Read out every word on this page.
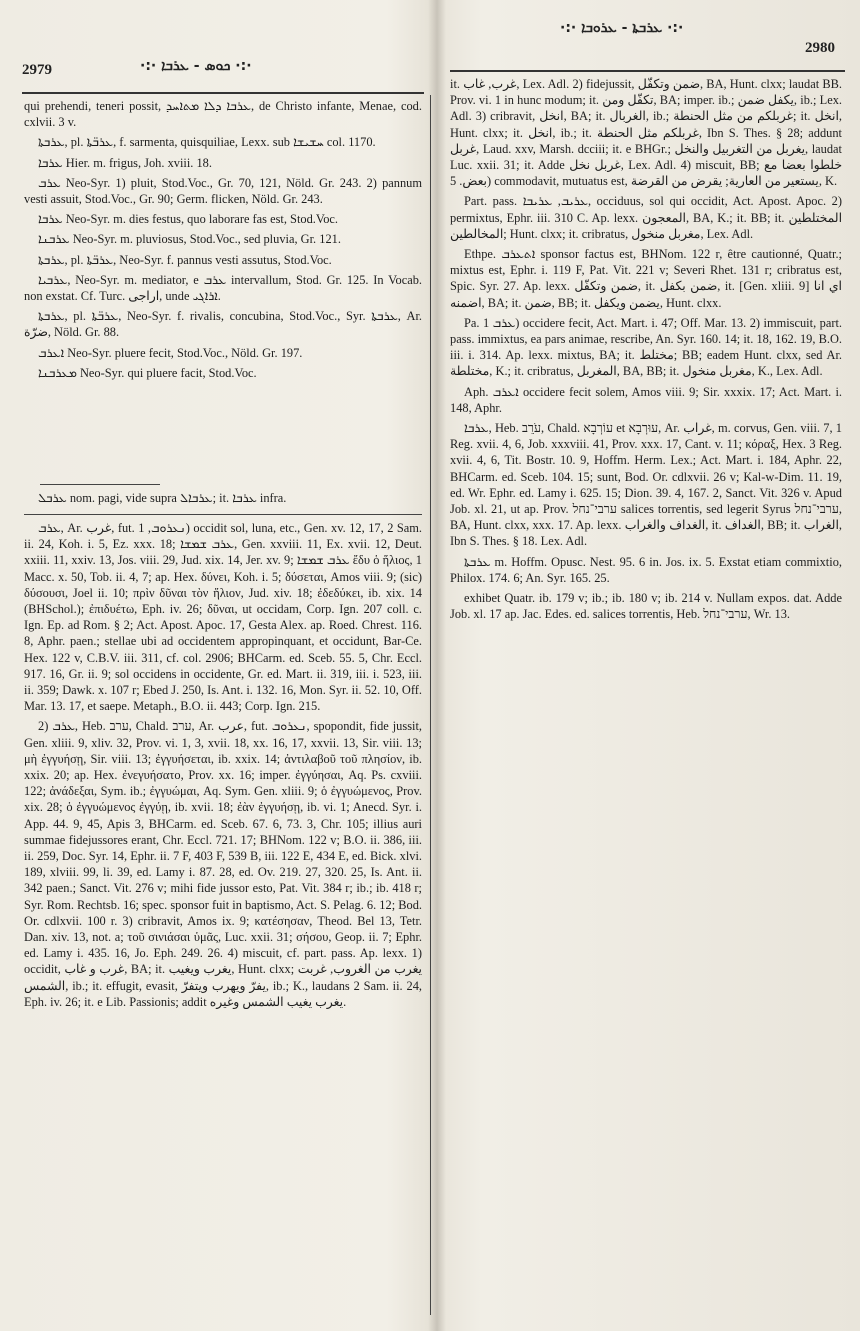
2979	·:· ܟܘܣ - ܥܪܒܐ ·:·
·:· ܥܪܒܬܐ - ܥܪܘܒܐ ·:·
2980

qui prehendi, teneri possit, ܥܪܒܐ ܕܠܐ ܡܬܐܚܕ, de Christo infante, Menae, cod. cxlvii. 3 v.

ܥܪܒܬܐ, pl. ܥܪܒ̈ܬܐ, f. sarmenta, quisquiliae, Lexx. sub ܚܫܝܫܐ col. 1170.

ܥܪܒܐ Hier. m. frigus, Joh. xviii. 18.

ܥܪܒ Neo-Syr. 1) pluit, Stod.Voc., Gr. 70, 121, Nöld. Gr. 243. 2) pannum vesti assuit, Stod.Voc., Gr. 90; Germ. flicken, Nöld. Gr. 243.

ܥܪܒܐ Neo-Syr. m. dies festus, quo laborare fas est, Stod.Voc.

ܥܪܒܢܐ Neo-Syr. m. pluviosus, Stod.Voc., sed pluvia, Gr. 121.

ܥܪܒܬܐ, pl. ܥܪܒ̈ܬܐ, Neo-Syr. f. pannus vesti assutus, Stod.Voc.

ܥܪܒܝܐ, Neo-Syr. m. mediator, e ܥܪܒ intervallum, Stod. Gr. 125. In Vocab. non exstat. Cf. Turc. اراجی, unde ܐܪܐܓܝ.

ܥܪܒܬܐ, pl. ܥܪܒ̈ܬܐ, Neo-Syr. f. rivalis, concubina, Stod.Voc., Syr. ܥܪܒܬܐ, Ar. ضرّة, Nöld. Gr. 88.

ܐܥܪܒ Neo-Syr. pluere fecit, Stod.Voc., Nöld. Gr. 197.

ܡܥܪܒܢܐ Neo-Syr. qui pluere facit, Stod.Voc.

ܥܪܒܠ nom. pagi, vide supra ܥܪܒܐܠ; it. ܥܪܒܐ infra.

ܥܪܒ, Ar. غرب, fut. ܢܥܪܘܒ, 1) occidit sol, luna, etc., Gen. xv. 12, 17, 2 Sam. ii. 24, Koh. i. 5, Ez. xxx. 18; ܥܪܒ ܫܡܫܐ, Gen. xxviii. 11, Ex. xvii. 12, Deut. xxiii. 11, xxiv. 13, Jos. viii. 29, Jud. xix. 14, Jer. xv. 9; ܥܪܒ ܫܡܫܐ ἔδυ ὁ ἥλιος, 1 Macc. x. 50, Tob. ii. 4, 7; ap. Hex. δύνει, Koh. i. 5; δύσεται, Amos viii. 9; (sic) δύσουσι, Joel ii. 10; πρὶν δῦναι τὸν ἥλιον, Jud. xiv. 18; ἐδεδύκει, ib. xix. 14 (BHSchol.); ἐπιδυέτω, Eph. iv. 26; δῦναι, ut occidam, Corp. Ign. 207 coll. c. Ign. Ep. ad Rom. § 2; Act. Apost. Apoc. 17, Gesta Alex. ap. Roed. Chrest. 116. 8, Aphr. paen.; stellae ubi ad occidentem appropinquant, et occidunt, Bar-Ce. Hex. 122 v, C.B.V. iii. 311, cf. col. 2906; BHCarm. ed. Sceb. 55. 5, Chr. Eccl. 917. 16, Gr. ii. 9; sol occidens in occidente, Gr. ed. Mart. ii. 319, iii. i. 523, iii. ii. 359; Dawk. x. 107 r; Ebed J. 250, Is. Ant. i. 132. 16, Mon. Syr. ii. 52. 10, Off. Mar. 13. 17, et saepe. Metaph., B.O. ii. 443; Corp. Ign. 215.

2) ܥܪܒ, Heb. ערב, Chald. ערב, Ar. عرب, fut. ܢܥܪܘܒ, spopondit, fide jussit, Gen. xliii. 9, xliv. 32, Prov. vi. 1, 3, xvii. 18, xx. 16, 17, xxvii. 13, Sir. viii. 13; μὴ ἐγγυήσῃ, Sir. viii. 13; ἐγγυήσεται, ib. xxix. 14; ἀντιλαβοῦ τοῦ πλησίον, ib. xxix. 20; ap. Hex. ἐνεγυήσατο, Prov. xx. 16; imper. ἐγγύησαι, Aq. Ps. cxviii. 122; ἀνάδεξαι, Sym. ib.; ἐγγυώμαι, Aq. Sym. Gen. xliii. 9; ὁ ἐγγυώμενος, Prov. xix. 28; ὁ ἐγγυώμενος ἐγγύῃ, ib. xvii. 18; ἐὰν ἐγγυήσῃ, ib. vi. 1; Anecd. Syr. i. App. 44. 9, 45, Apis 3, BHCarm. ed. Sceb. 67. 6, 73. 3, Chr. 105; illius auri summae fidejussores erant, Chr. Eccl. 721. 17; BHNom. 122 v; B.O. ii. 386, iii. ii. 259, Doc. Syr. 14, Ephr. ii. 7 F, 403 F, 539 B, iii. 122 E, 434 E, ed. Bick. xlvi. 189, xlviii. 99, li. 39, ed. Lamy i. 87. 28, ed. Ov. 219. 27, 320. 25, Is. Ant. ii. 342 paen.; Sanct. Vit. 276 v; mihi fide jussor esto, Pat. Vit. 384 r; ib.; ib. 418 r; Syr. Rom. Rechtsb. 16; spec. sponsor fuit in baptismo, Act. S. Pelag. 6. 12; Bod. Or. cdlxvii. 100 r. 3) cribravit, Amos ix. 9; κατέσησαν, Theod. Bel 13, Tetr. Dan. xiv. 13, not. a; τοῦ σινιάσαι ὑμᾶς, Luc. xxii. 31; σήσου, Geop. ii. 7; Ephr. ed. Lamy i. 435. 16, Jo. Eph. 249. 26. 4) miscuit, cf. part. pass. Ap. lexx. 1) occidit, غرب و غاب, BA; it. يغرب ويغيب, Hunt. clxx; يغرب من الغروب, غربت الشمس, ib.; it. effugit, evasit, يفرّ ويهرب ويتفرّ, ib.; K., laudans 2 Sam. ii. 24, Eph. iv. 26; it. e Lib. Passionis; addit يغرب يغيب الشمس وغيره.

it. غرب, غاب, Lex. Adl. 2) fidejussit, ضمن وتكفّل, BA, Hunt. clxx; laudat BB. Prov. vi. 1 in hunc modum; it. تكفّل ومن, BA; imper. ib.; يكفل ضمن, ib.; Lex. Adl. 3) cribravit, انخل, BA; it. الغربال, ib.; غربلكم من مثل الحنطة; it. انخل, Hunt. clxx; it. انخل, ib.; it. غربلكم مثل الحنطة, Ibn S. Thes. § 28; addunt غربل, Laud. xxv, Marsh. dcciii; it. e BHGr.; يغربل من التغربيل والنخل, laudat Luc. xxii. 31; it. Adde غربل نخل, Lex. Adl. 4) miscuit, BB; خلطوا بعضا مع بعض. 5) commodavit, mutuatus est, يستعير من العارية; يقرض من القرضة, K.

Part. pass. ܥܪܝܒ, ܥܪܝܒܐ, occiduus, sol qui occidit, Act. Apost. Apoc. 2) permixtus, Ephr. iii. 310 C. Ap. lexx. المعجون, BA, K.; it. BB; it. المختلطين المخالطين; Hunt. clxx; it. cribratus, مغربل منخول, Lex. Adl.

Ethpe. ܐܬܥܪܒ sponsor factus est, BHNom. 122 r, être cautionné, Quatr.; mixtus est, Ephr. i. 119 F, Pat. Vit. 221 v; Severi Rhet. 131 r; cribratus est, Spic. Syr. 27. Ap. lexx. ضمن وتكفّل, it. ضمن بكفل, it. [Gen. xliii. 9] اي انا اضمنه, BA; it. ضمن, BB; it. يضمن ويكفل, Hunt. clxx.

Pa. ܥܪܒ 1) occidere fecit, Act. Mart. i. 47; Off. Mar. 13. 2) immiscuit, part. pass. immixtus, ea pars animae, rescribe, An. Syr. 160. 14; it. 18, 162. 19, B.O. iii. i. 314. Ap. lexx. mixtus, BA; it. مختلط; BB; eadem Hunt. clxx, sed Ar. مختلطة, K.; it. cribratus, المغربل, BA, BB; it. مغربل منخول, K., Lex. Adl.

Aph. ܐܥܪܒ occidere fecit solem, Amos viii. 9; Sir. xxxix. 17; Act. Mart. i. 148, Aphr.

ܥܪܒܐ, Heb. עֹרֵב, Chald. עוֹרְבָא et עוּרְבָא, Ar. غراب, m. corvus, Gen. viii. 7, 1 Reg. xvii. 4, 6, Job. xxxviii. 41, Prov. xxx. 17, Cant. v. 11; κόραξ, Hex. 3 Reg. xvii. 4, 6, Tit. Bostr. 10. 9, Hoffm. Herm. Lex.; Act. Mart. i. 184, Aphr. 22, BHCarm. ed. Sceb. 104. 15; sunt, Bod. Or. cdlxvii. 26 v; Kal-w-Dim. 11. 19, ed. Wr. Ephr. ed. Lamy i. 625. 15; Dion. 39. 4, 167. 2, Sanct. Vit. 326 v. Apud Job. xl. 21, ut ap. Prov. ערבי־נחל salices torrentis, sed legerit Syrus ערבי־נחל, BA, Hunt. clxx, xxx. 17. Ap. lexx. الغداف والغراب, it. الغداف, BB; it. الغراب, Ibn S. Thes. § 18. Lex. Adl.

ܥܪܒܬܐ m. Hoffm. Opusc. Nest. 95. 6 in. Jos. ix. 5. Exstat etiam commixtio, Philox. 174. 6; An. Syr. 165. 25.

exhibet Quatr. ib. 179 v; ib.; ib. 180 v; ib. 214 v. Nullam expos. dat. Adde Job. xl. 17 ap. Jac. Edes. ed. salices torrentis, Heb. ערבי־נחל, Wr. 13.
